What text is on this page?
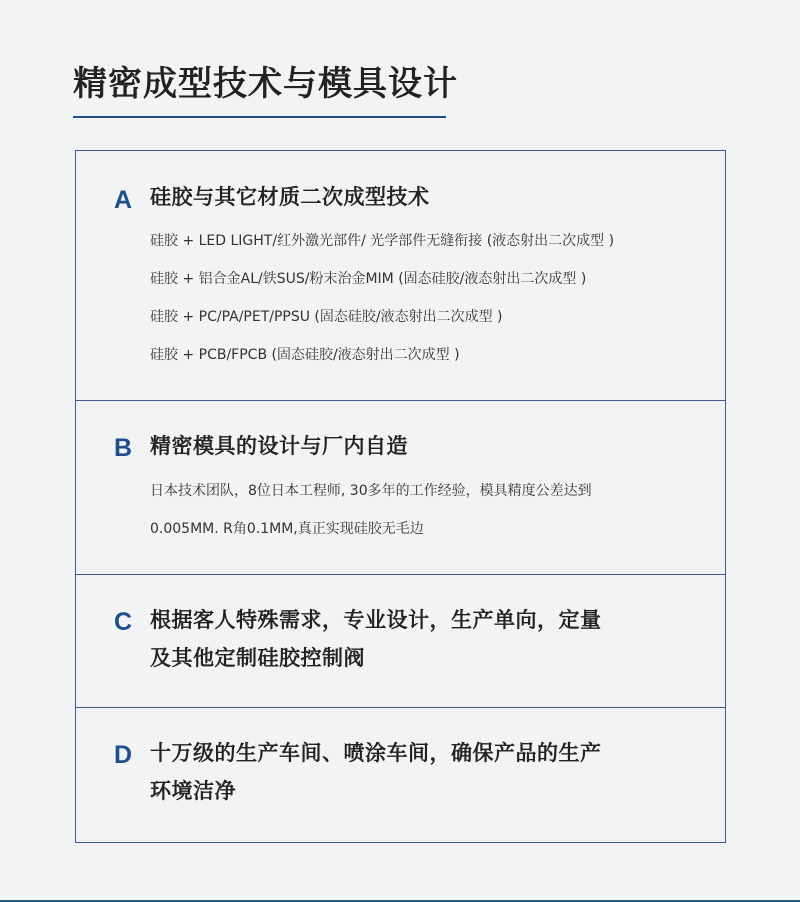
精密成型技术与模具设计
A 硅胶与其它材质二次成型技术
硅胶 + LED LIGHT/红外激光部件/ 光学部件无缝衔接 (液态射出二次成型 )
硅胶 + 铝合金AL/铁SUS/粉末治金MIM (固态硅胶/液态射出二次成型 )
硅胶 + PC/PA/PET/PPSU (固态硅胶/液态射出二次成型 )
硅胶 + PCB/FPCB (固态硅胶/液态射出二次成型 )
B 精密模具的设计与厂内自造
日本技术团队，8位日本工程师, 30多年的工作经验，模具精度公差达到
0.005MM. R角0.1MM,真正实现硅胶无毛边
C 根据客人特殊需求，专业设计，生产单向，定量
及其他定制硅胶控制阀
D 十万级的生产车间、喷涂车间，确保产品的生产
环境洁净
